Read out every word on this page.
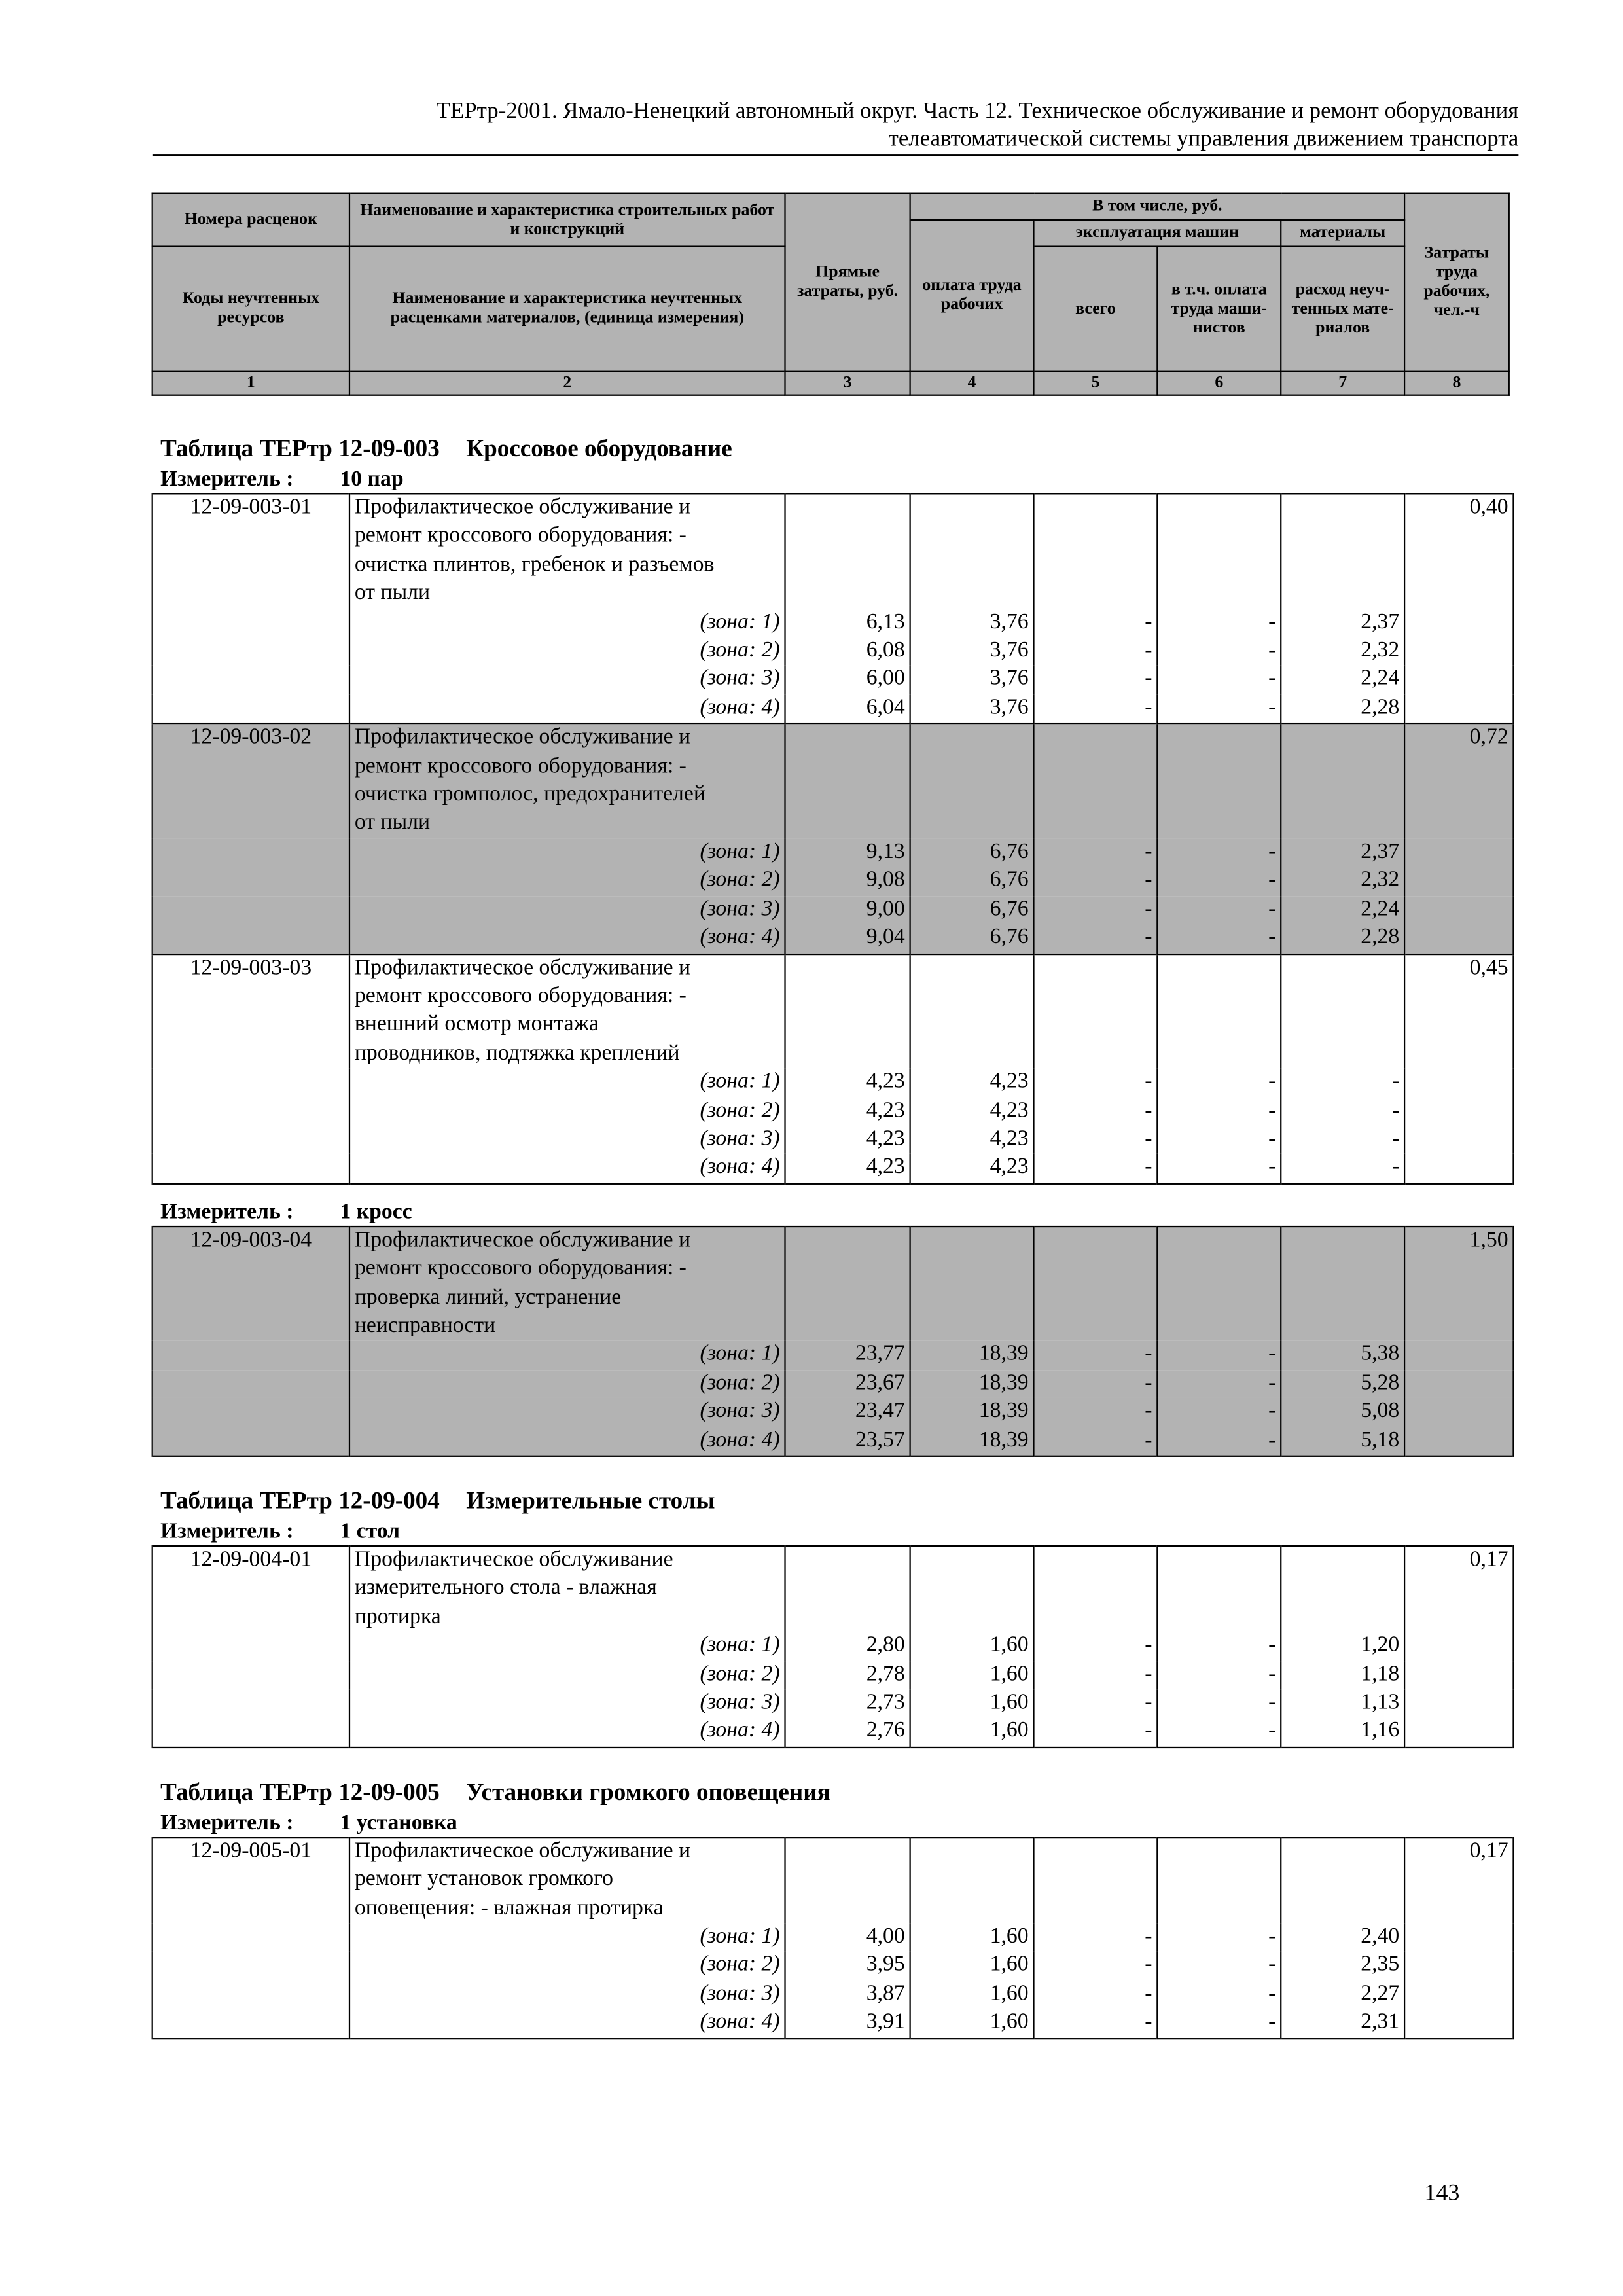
ТЕРтр-2001. Ямало-Ненецкий автономный округ. Часть 12. Техническое обслуживание и ремонт оборудования
телеавтоматической системы управления движением транспорта
Номера расценок	Наименование и характеристика строительных работ и конструкций	Прямые затраты, руб.	В том числе, руб.				Затраты труда рабочих, чел.-ч
			оплата труда рабочих	эксплуатация машин		материалы	
Коды неучтенных ресурсов	Наименование и характеристика неучтенных расценками материалов, (единица измерения)			всего	в т.ч. оплата труда маши-нистов	расход неуч-тенных мате-риалов	
1	2	3	4	5	6	7	8
Таблица ТЕРтр 12-09-003 Кроссовое оборудование
Измеритель :	10 пар
12-09-003-01	Профилактическое обслуживание и
ремонт кроссового оборудования: -
очистка плинтов, гребенок и разъемов
от пыли						0,40
	(зона: 1)	6,13	3,76	-	-	2,37	
	(зона: 2)	6,08	3,76	-	-	2,32	
	(зона: 3)	6,00	3,76	-	-	2,24	
	(зона: 4)	6,04	3,76	-	-	2,28	
12-09-003-02	Профилактическое обслуживание и
ремонт кроссового оборудования: -
очистка громполос, предохранителей
от пыли						0,72
	(зона: 1)	9,13	6,76	-	-	2,37	
	(зона: 2)	9,08	6,76	-	-	2,32	
	(зона: 3)	9,00	6,76	-	-	2,24	
	(зона: 4)	9,04	6,76	-	-	2,28	
12-09-003-03	Профилактическое обслуживание и
ремонт кроссового оборудования: -
внешний осмотр монтажа
проводников, подтяжка креплений						0,45
	(зона: 1)	4,23	4,23	-	-	-	
	(зона: 2)	4,23	4,23	-	-	-	
	(зона: 3)	4,23	4,23	-	-	-	
	(зона: 4)	4,23	4,23	-	-	-	
Измеритель :	1 кросс
12-09-003-04	Профилактическое обслуживание и
ремонт кроссового оборудования: -
проверка линий, устранение
неисправности						1,50
	(зона: 1)	23,77	18,39	-	-	5,38	
	(зона: 2)	23,67	18,39	-	-	5,28	
	(зона: 3)	23,47	18,39	-	-	5,08	
	(зона: 4)	23,57	18,39	-	-	5,18	
Таблица ТЕРтр 12-09-004 Измерительные столы
Измеритель :	1 стол
12-09-004-01	Профилактическое обслуживание
измерительного стола - влажная
протирка						0,17
	(зона: 1)	2,80	1,60	-	-	1,20	
	(зона: 2)	2,78	1,60	-	-	1,18	
	(зона: 3)	2,73	1,60	-	-	1,13	
	(зона: 4)	2,76	1,60	-	-	1,16	
Таблица ТЕРтр 12-09-005 Установки громкого оповещения
Измеритель :	1 установка
12-09-005-01	Профилактическое обслуживание и
ремонт установок громкого
оповещения: - влажная протирка						0,17
	(зона: 1)	4,00	1,60	-	-	2,40	
	(зона: 2)	3,95	1,60	-	-	2,35	
	(зона: 3)	3,87	1,60	-	-	2,27	
	(зона: 4)	3,91	1,60	-	-	2,31	
143
